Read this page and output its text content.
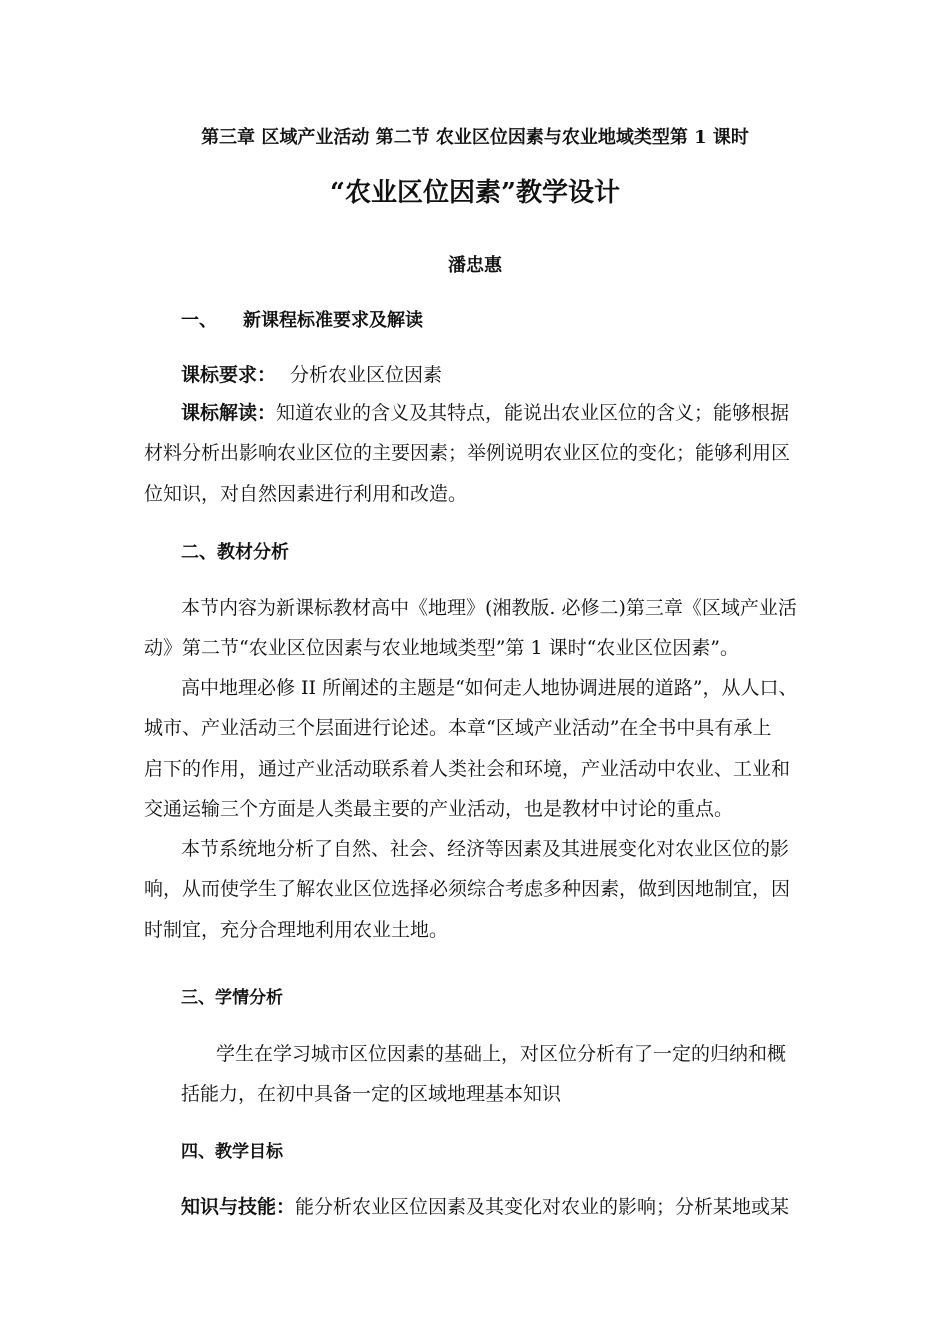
第三章 区域产业活动 第二节 农业区位因素与农业地域类型第 1 课时
“农业区位因素”教学设计
潘忠惠
一、 新课程标准要求及解读
课标要求： 分析农业区位因素
课标解读：知道农业的含义及其特点，能说出农业区位的含义；能够根据
材料分析出影响农业区位的主要因素；举例说明农业区位的变化；能够利用区
位知识，对自然因素进行利用和改造。
二、教材分析
本节内容为新课标教材高中《地理》(湘教版. 必修二)第三章《区域产业活
动》第二节“农业区位因素与农业地域类型”第 1 课时“农业区位因素”。
高中地理必修 II 所阐述的主题是“如何走人地协调进展的道路”，从人口、
城市、产业活动三个层面进行论述。本章“区域产业活动”在全书中具有承上
启下的作用，通过产业活动联系着人类社会和环境，产业活动中农业、工业和
交通运输三个方面是人类最主要的产业活动，也是教材中讨论的重点。
本节系统地分析了自然、社会、经济等因素及其进展变化对农业区位的影
响，从而使学生了解农业区位选择必须综合考虑多种因素，做到因地制宜，因
时制宜，充分合理地利用农业土地。
三、学情分析
学生在学习城市区位因素的基础上，对区位分析有了一定的归纳和概
括能力，在初中具备一定的区域地理基本知识
四、教学目标
知识与技能：能分析农业区位因素及其变化对农业的影响；分析某地或某
